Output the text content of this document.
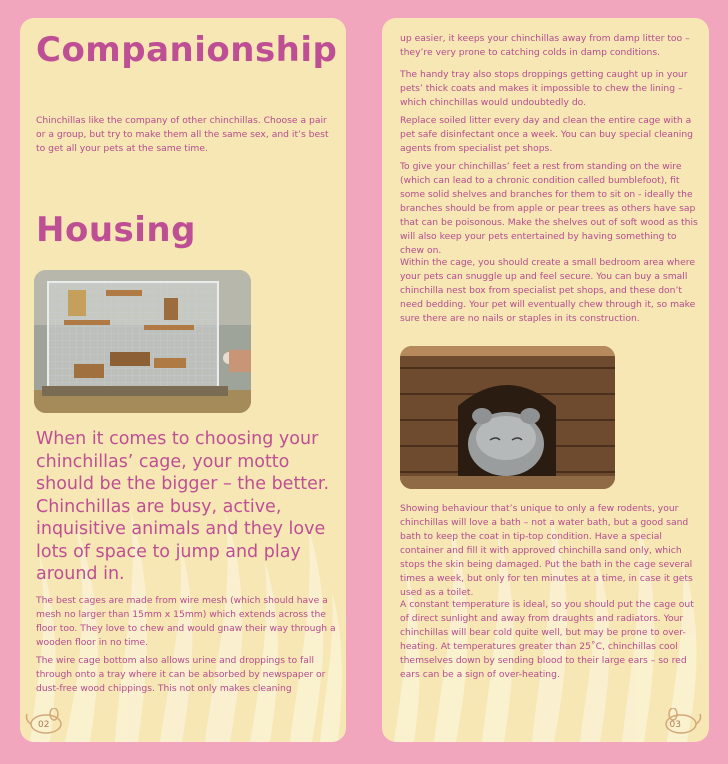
Companionship

Chinchillas like the company of other chinchillas. Choose a pair or a group, but try to make them all the same sex, and it’s best to get all your pets at the same time.

Housing

When it comes to choosing your chinchillas’ cage, your motto should be the bigger – the better. Chinchillas are busy, active, inquisitive animals and they love lots of space to jump and play around in.

The best cages are made from wire mesh (which should have a mesh no larger than 15mm x 15mm) which extends across the floor too. They love to chew and would gnaw their way through a wooden floor in no time.

The wire cage bottom also allows urine and droppings to fall through onto a tray where it can be absorbed by newspaper or dust-free wood chippings. This not only makes cleaning

02

up easier, it keeps your chinchillas away from damp litter too – they’re very prone to catching colds in damp conditions.

The handy tray also stops droppings getting caught up in your pets’ thick coats and makes it impossible to chew the lining – which chinchillas would undoubtedly do.

Replace soiled litter every day and clean the entire cage with a pet safe disinfectant once a week. You can buy special cleaning agents from specialist pet shops.

To give your chinchillas’ feet a rest from standing on the wire (which can lead to a chronic condition called bumblefoot), fit some solid shelves and branches for them to sit on - ideally the branches should be from apple or pear trees as others have sap that can be poisonous. Make the shelves out of soft wood as this will also keep your pets entertained by having something to chew on.

Within the cage, you should create a small bedroom area where your pets can snuggle up and feel secure. You can buy a small chinchilla nest box from specialist pet shops, and these don’t need bedding. Your pet will eventually chew through it, so make sure there are no nails or staples in its construction.

Showing behaviour that’s unique to only a few rodents, your chinchillas will love a bath – not a water bath, but a good sand bath to keep the coat in tip-top condition. Have a special container and fill it with approved chinchilla sand only, which stops the skin being damaged. Put the bath in the cage several times a week, but only for ten minutes at a time, in case it gets used as a toilet.

A constant temperature is ideal, so you should put the cage out of direct sunlight and away from draughts and radiators. Your chinchillas will bear cold quite well, but may be prone to over-heating. At temperatures greater than 25˚C, chinchillas cool themselves down by sending blood to their large ears – so red ears can be a sign of over-heating.

03
